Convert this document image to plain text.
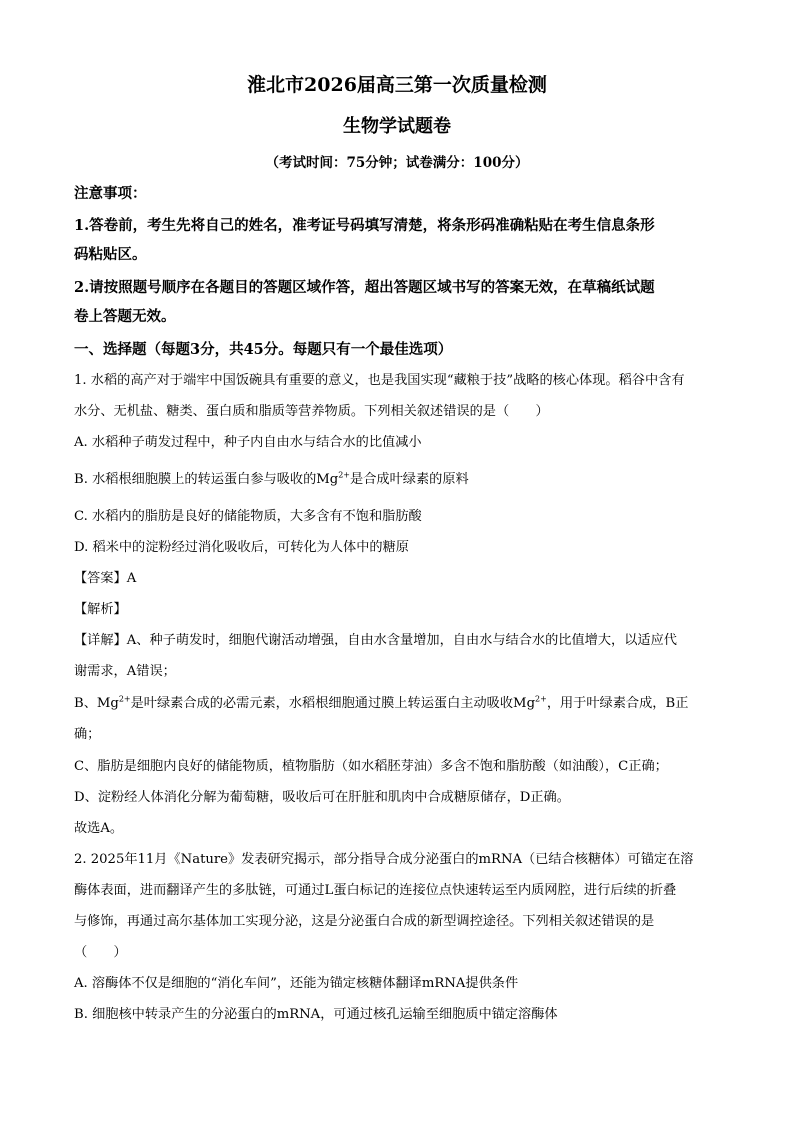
淮北市2026届高三第一次质量检测
生物学试题卷
（考试时间：75分钟；试卷满分：100分）
注意事项：
1.答卷前，考生先将自己的姓名，准考证号码填写清楚，将条形码准确粘贴在考生信息条形
码粘贴区。
2.请按照题号顺序在各题目的答题区域作答，超出答题区域书写的答案无效，在草稿纸试题
卷上答题无效。
一、选择题（每题3分，共45分。每题只有一个最佳选项）
1. 水稻的高产对于端牢中国饭碗具有重要的意义，也是我国实现“藏粮于技”战略的核心体现。稻谷中含有
水分、无机盐、糖类、蛋白质和脂质等营养物质。下列相关叙述错误的是（　　）
A. 水稻种子萌发过程中，种子内自由水与结合水的比值减小
B. 水稻根细胞膜上的转运蛋白参与吸收的$Mg^{2+}$是合成叶绿素的原料
C. 水稻内的脂肪是良好的储能物质，大多含有不饱和脂肪酸
D. 稻米中的淀粉经过消化吸收后，可转化为人体中的糖原
【答案】A
【解析】
【详解】A、种子萌发时，细胞代谢活动增强，自由水含量增加，自由水与结合水的比值增大，以适应代
谢需求，A错误；
B、$Mg^{2+}$是叶绿素合成的必需元素，水稻根细胞通过膜上转运蛋白主动吸收$Mg^{2+}$，用于叶绿素合成，B正
确；
C、脂肪是细胞内良好的储能物质，植物脂肪（如水稻胚芽油）多含不饱和脂肪酸（如油酸），C正确；
D、淀粉经人体消化分解为葡萄糖，吸收后可在肝脏和肌肉中合成糖原储存，D正确。
故选A。
2. 2025年11月《Nature》发表研究揭示，部分指导合成分泌蛋白的mRNA（已结合核糖体）可锚定在溶
酶体表面，进而翻译产生的多肽链，可通过L蛋白标记的连接位点快速转运至内质网腔，进行后续的折叠
与修饰，再通过高尔基体加工实现分泌，这是分泌蛋白合成的新型调控途径。下列相关叙述错误的是
（　　）
A. 溶酶体不仅是细胞的“消化车间”，还能为锚定核糖体翻译mRNA提供条件
B. 细胞核中转录产生的分泌蛋白的mRNA，可通过核孔运输至细胞质中锚定溶酶体
